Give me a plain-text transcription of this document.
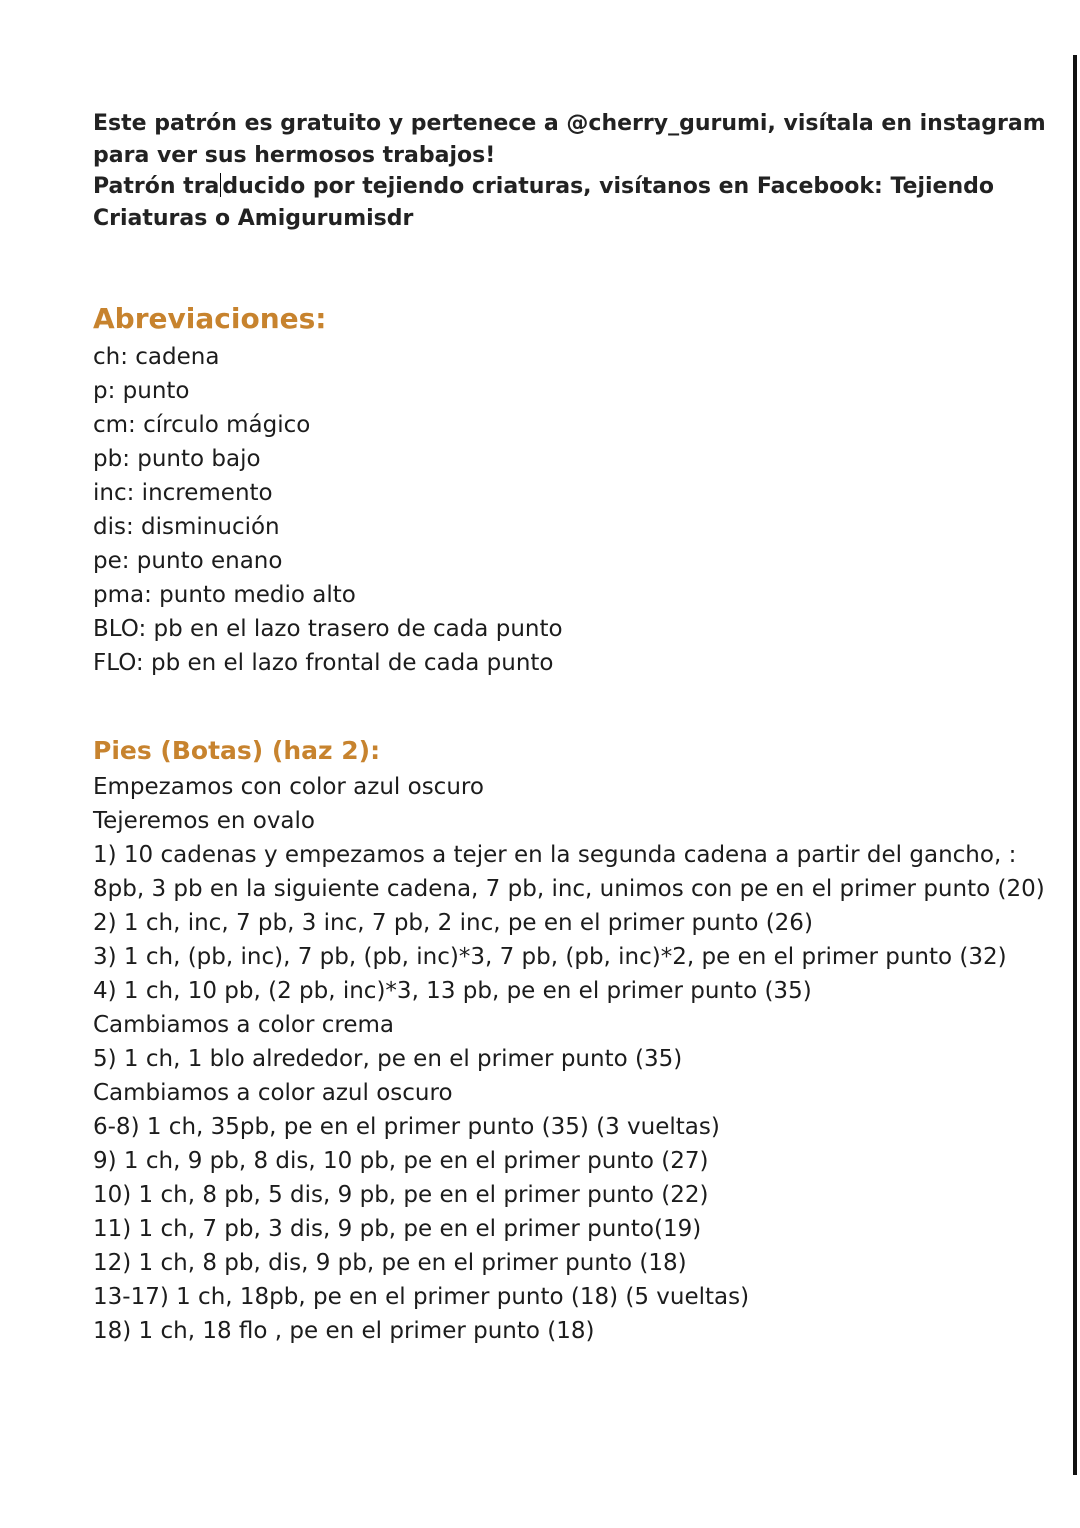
Este patrón es gratuito y pertenece a @cherry_gurumi, visítala en instagram para ver sus hermosos trabajos!

Patrón tra ducido por tejiendo criaturas, visítanos en Facebook: Tejiendo Criaturas o Amigurumisdr

Abreviaciones:
ch: cadena
p: punto
cm: círculo mágico
pb: punto bajo
inc: incremento
dis: disminución
pe: punto enano
pma: punto medio alto
BLO: pb en el lazo trasero de cada punto
FLO: pb en el lazo frontal de cada punto
Pies (Botas) (haz 2):
Empezamos con color azul oscuro
Tejeremos en ovalo
1) 10 cadenas y empezamos a tejer en la segunda cadena a partir del gancho, : 8pb, 3 pb en la siguiente cadena, 7 pb, inc, unimos con pe en el primer punto (20)
2) 1 ch, inc, 7 pb, 3 inc, 7 pb, 2 inc, pe en el primer punto (26)
3) 1 ch, (pb, inc), 7 pb, (pb, inc)*3, 7 pb, (pb, inc)*2, pe en el primer punto (32)
4) 1 ch, 10 pb, (2 pb, inc)*3, 13 pb, pe en el primer punto (35)
Cambiamos a color crema
5) 1 ch, 1 blo alrededor, pe en el primer punto (35)
Cambiamos a color azul oscuro
6-8) 1 ch, 35pb, pe en el primer punto (35) (3 vueltas)
9) 1 ch, 9 pb, 8 dis, 10 pb, pe en el primer punto (27)
10) 1 ch, 8 pb, 5 dis, 9 pb, pe en el primer punto (22)
11) 1 ch, 7 pb, 3 dis, 9 pb, pe en el primer punto(19)
12) 1 ch, 8 pb, dis, 9 pb, pe en el primer punto (18)
13-17) 1 ch, 18pb, pe en el primer punto (18) (5 vueltas)
18) 1 ch, 18 flo , pe en el primer punto (18)
